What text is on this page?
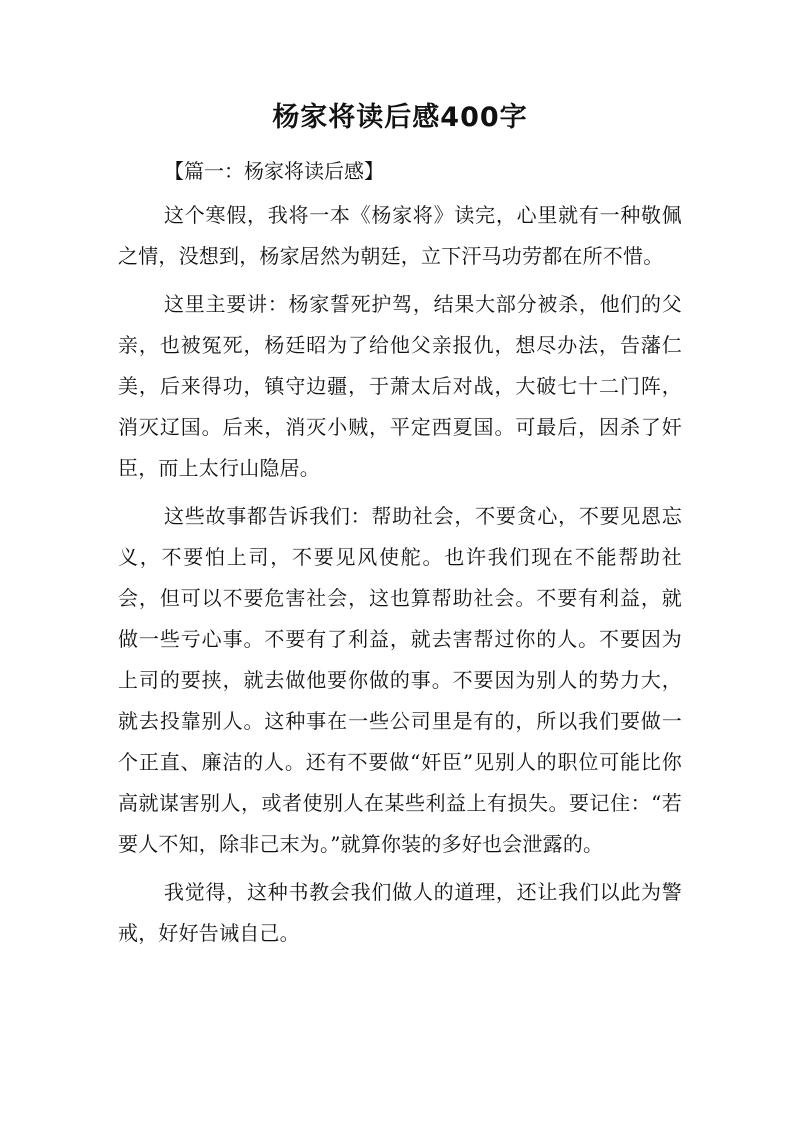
杨家将读后感400字

【篇一：杨家将读后感】

这个寒假，我将一本《杨家将》读完，心里就有一种敬佩之情，没想到，杨家居然为朝廷，立下汗马功劳都在所不惜。

这里主要讲：杨家誓死护驾，结果大部分被杀，他们的父亲，也被冤死，杨廷昭为了给他父亲报仇，想尽办法，告藩仁美，后来得功，镇守边疆，于萧太后对战，大破七十二门阵，消灭辽国。后来，消灭小贼，平定西夏国。可最后，因杀了奸臣，而上太行山隐居。

这些故事都告诉我们：帮助社会，不要贪心，不要见恩忘义，不要怕上司，不要见风使舵。也许我们现在不能帮助社会，但可以不要危害社会，这也算帮助社会。不要有利益，就做一些亏心事。不要有了利益，就去害帮过你的人。不要因为上司的要挟，就去做他要你做的事。不要因为别人的势力大，就去投靠别人。这种事在一些公司里是有的，所以我们要做一个正直、廉洁的人。还有不要做“奸臣”见别人的职位可能比你高就谋害别人，或者使别人在某些利益上有损失。要记住：“若要人不知，除非己末为。”就算你装的多好也会泄露的。

我觉得，这种书教会我们做人的道理，还让我们以此为警戒，好好告诫自己。
